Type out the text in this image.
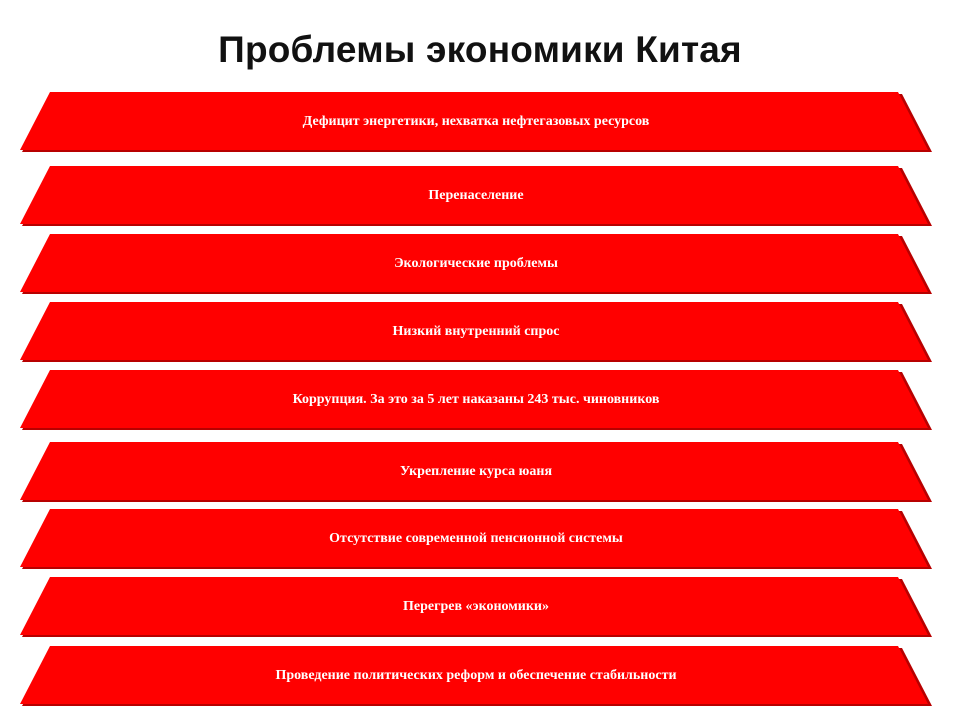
Проблемы экономики Китая
Дефицит энергетики, нехватка нефтегазовых ресурсов
Перенаселение
Экологические проблемы
Низкий внутренний спрос
Коррупция. За это за 5 лет наказаны 243 тыс. чиновников
Укрепление курса юаня
Отсутствие современной пенсионной системы
Перегрев «экономики»
Проведение политических реформ и обеспечение стабильности
